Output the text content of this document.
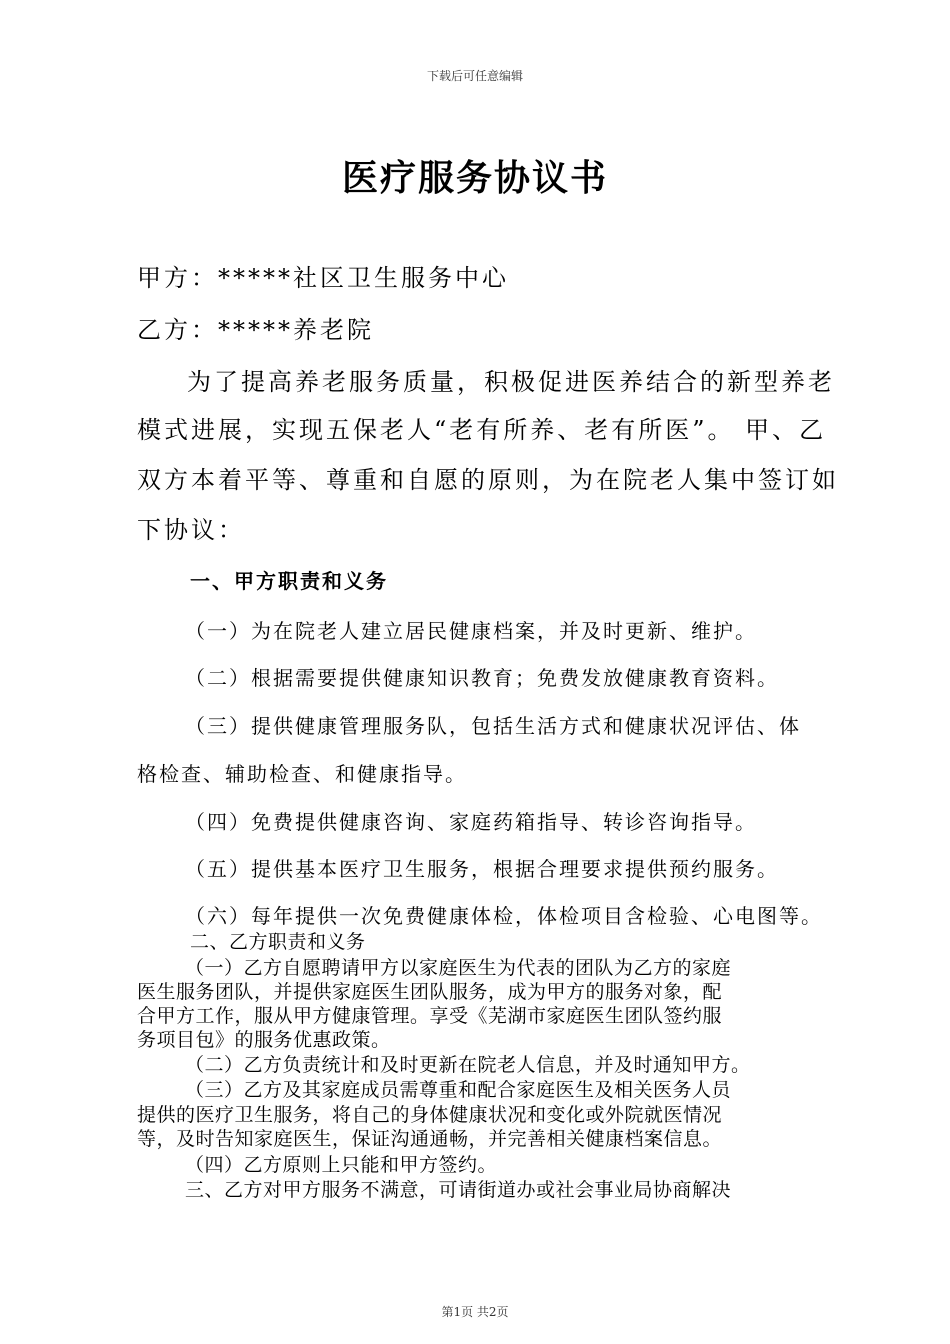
下载后可任意编辑
医疗服务协议书
甲方：*****社区卫生服务中心
乙方：*****养老院
为了提高养老服务质量，积极促进医养结合的新型养老
模式进展，实现五保老人“老有所养、老有所医”。 甲、乙
双方本着平等、尊重和自愿的原则，为在院老人集中签订如
下协议：
一、甲方职责和义务
（一）为在院老人建立居民健康档案，并及时更新、维护。
（二）根据需要提供健康知识教育；免费发放健康教育资料。
（三）提供健康管理服务队，包括生活方式和健康状况评估、体
格检查、辅助检查、和健康指导。
（四）免费提供健康咨询、家庭药箱指导、转诊咨询指导。
（五）提供基本医疗卫生服务，根据合理要求提供预约服务。
（六）每年提供一次免费健康体检，体检项目含检验、心电图等。
二、乙方职责和义务
（一）乙方自愿聘请甲方以家庭医生为代表的团队为乙方的家庭
医生服务团队，并提供家庭医生团队服务，成为甲方的服务对象，配
合甲方工作，服从甲方健康管理。享受《芜湖市家庭医生团队签约服
务项目包》的服务优惠政策。
（二）乙方负责统计和及时更新在院老人信息，并及时通知甲方。
（三）乙方及其家庭成员需尊重和配合家庭医生及相关医务人员
提供的医疗卫生服务，将自己的身体健康状况和变化或外院就医情况
等，及时告知家庭医生，保证沟通通畅，并完善相关健康档案信息。
（四）乙方原则上只能和甲方签约。
三、乙方对甲方服务不满意，可请街道办或社会事业局协商解决
第1页 共2页
